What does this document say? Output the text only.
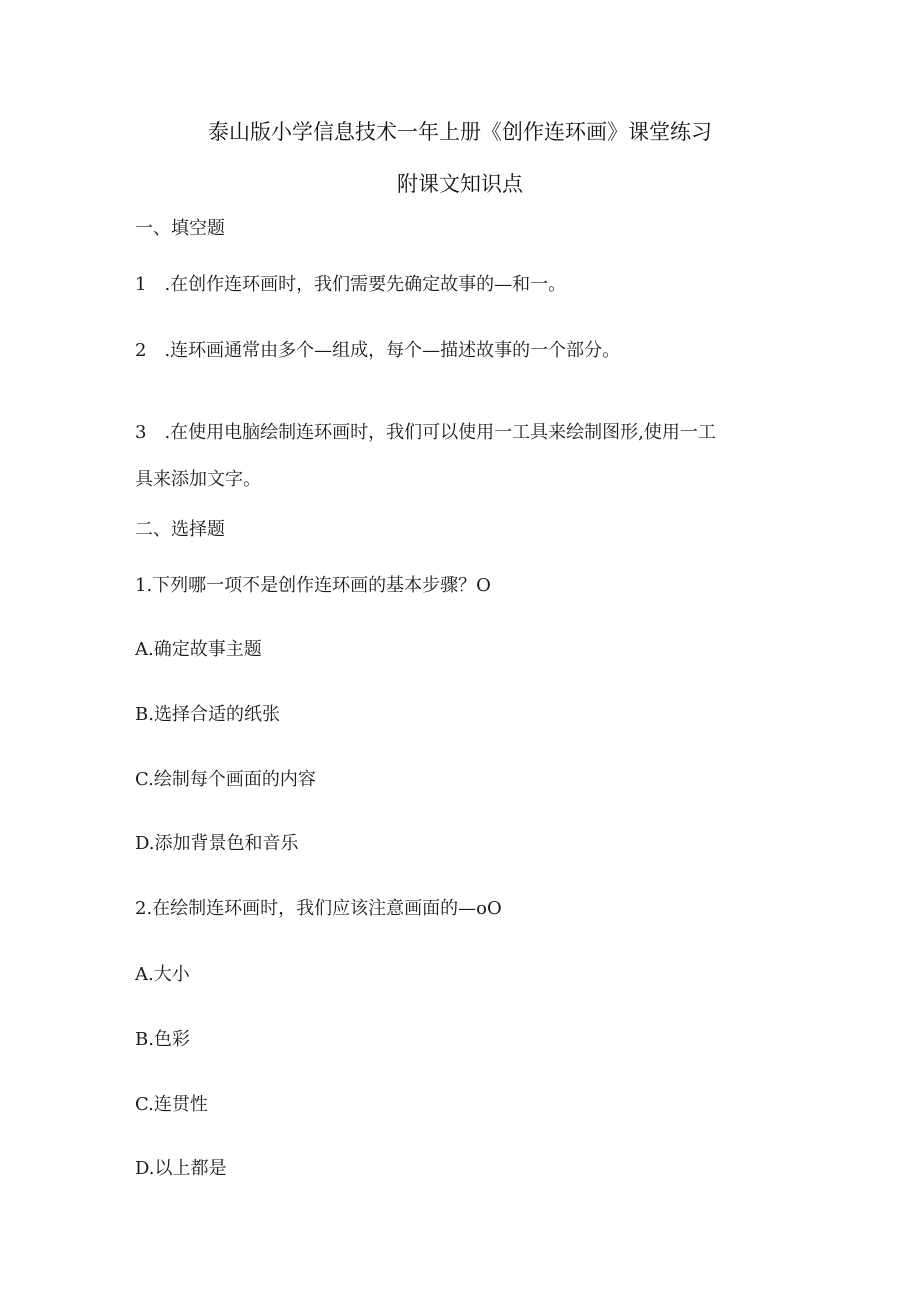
泰山版小学信息技术一年上册《创作连环画》课堂练习
附课文知识点
一、填空题
1　.在创作连环画时，我们需要先确定故事的—和一。
2　.连环画通常由多个—组成，每个—描述故事的一个部分。
3　.在使用电脑绘制连环画时，我们可以使用一工具来绘制图形,使用一工
具来添加文字。
二、选择题
1.下列哪一项不是创作连环画的基本步骤？O
A.确定故事主题
B.选择合适的纸张
C.绘制每个画面的内容
D.添加背景色和音乐
2.在绘制连环画时，我们应该注意画面的—oO
A.大小
B.色彩
C.连贯性
D.以上都是
